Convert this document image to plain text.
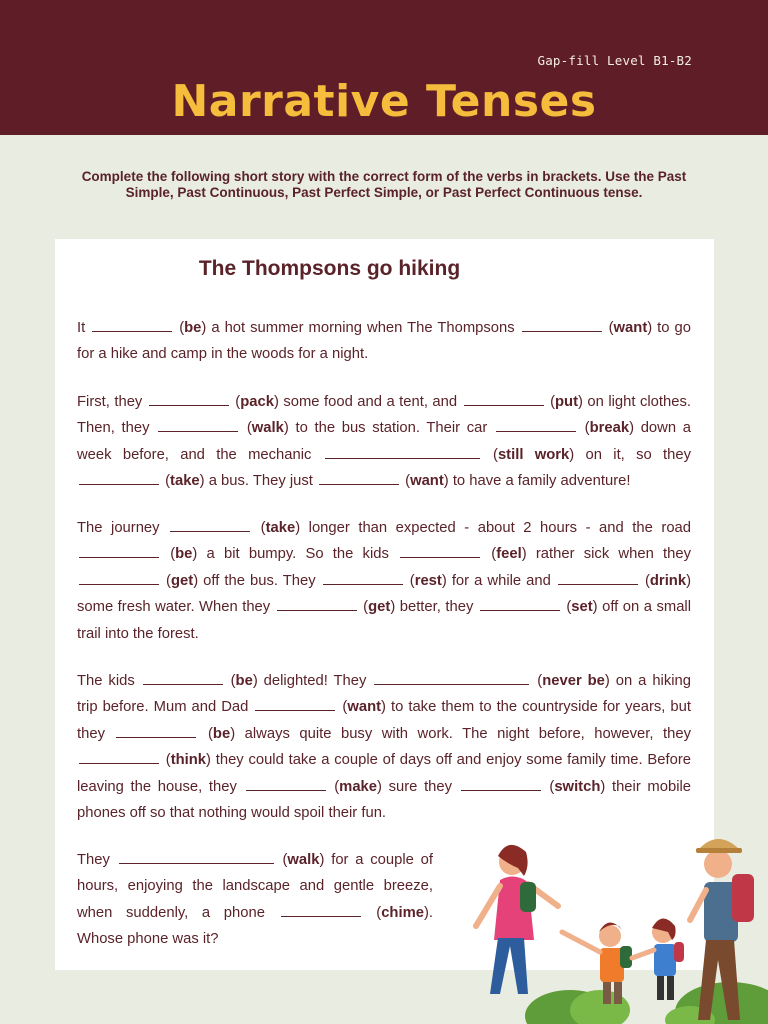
Gap-fill Level B1-B2
Narrative Tenses
Complete the following short story with the correct form of the verbs in brackets. Use the Past Simple, Past Continuous, Past Perfect Simple, or Past Perfect Continuous tense.
The Thompsons go hiking

It	(be) a hot summer morning when The Thompsons	(want) to go for a hike and camp in the woods for a night.

First, they	(pack) some food and a tent, and	(put) on light clothes. Then, they	(walk) to the bus station. Their car	(break) down a week before, and the mechanic	(still work) on it, so they  (take) a bus. They just	(want) to have a family adventure!

The journey	(take) longer than expected - about 2 hours - and the road  (be) a bit bumpy. So the kids	(feel) rather sick when they  (get) off the bus. They	(rest) for a while and	(drink) some fresh water. When they	(get) better, they	(set) off on a small trail into the forest.

The kids	(be) delighted! They	(never be) on a hiking trip before. Mum and Dad	(want) to take them to the countryside for years, but they	(be) always quite busy with work. The night before, however, they  (think) they could take a couple of days off and enjoy some family time. Before leaving the house, they	(make) sure they	(switch) their mobile phones off so that nothing would spoil their fun.

They	(walk) for a couple of hours, enjoying the landscape and gentle breeze, when suddenly, a phone	(chime). Whose phone was it?
